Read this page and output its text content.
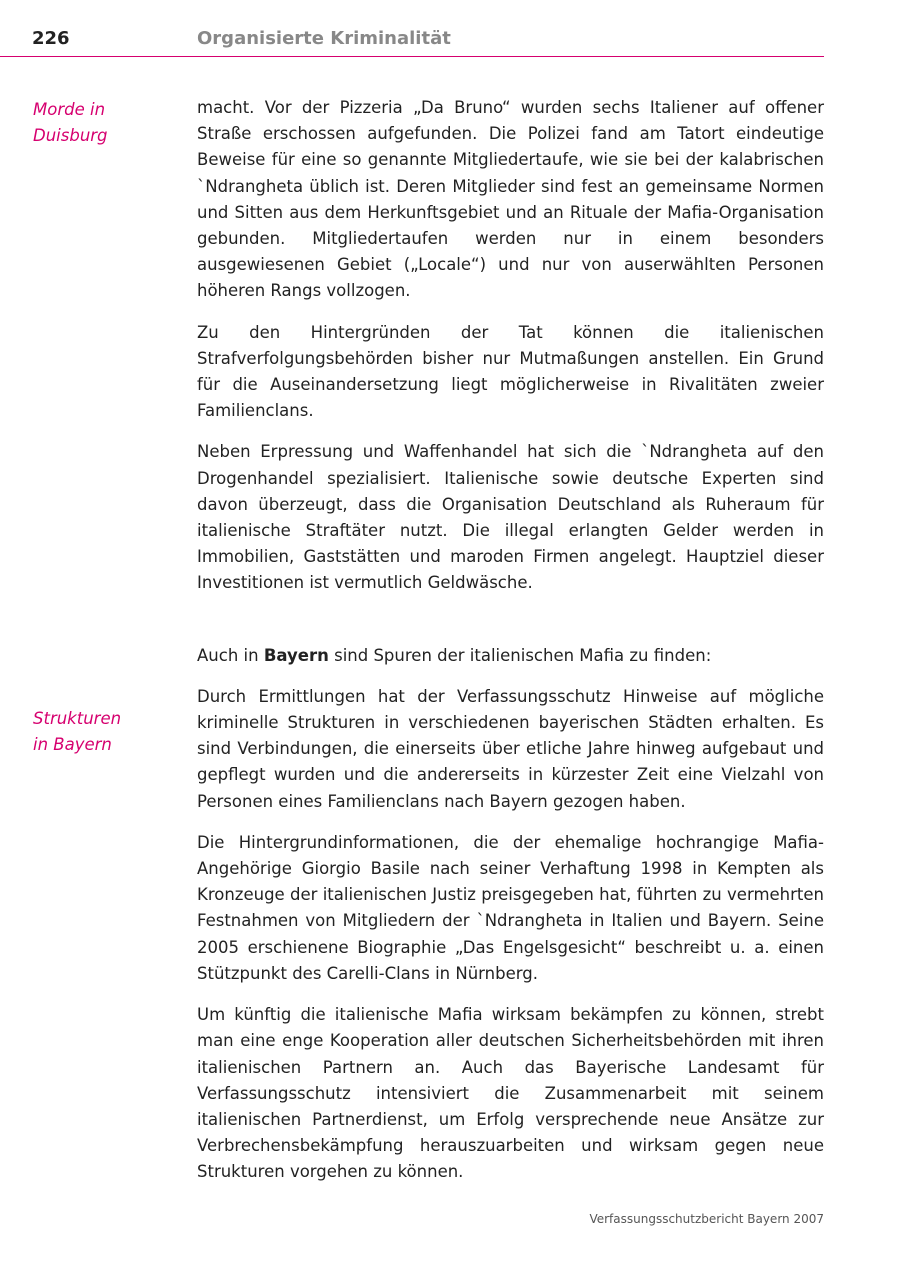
226	Organisierte Kriminalität
Morde in
Duisburg
Strukturen
in Bayern

macht. Vor der Pizzeria „Da Bruno“ wurden sechs Italiener auf offener Straße erschossen aufgefunden. Die Polizei fand am Tatort eindeutige Beweise für eine so genannte Mitgliedertaufe, wie sie bei der kalabrischen `Ndrangheta üblich ist. Deren Mitglieder sind fest an gemeinsame Normen und Sitten aus dem Herkunftsgebiet und an Rituale der Mafia-Organisation gebunden. Mitgliedertaufen werden nur in einem besonders ausgewiesenen Gebiet („Locale“) und nur von auserwählten Personen höheren Rangs vollzogen.

Zu den Hintergründen der Tat können die italienischen Strafverfolgungsbehörden bisher nur Mutmaßungen anstellen. Ein Grund für die Auseinandersetzung liegt möglicherweise in Rivalitäten zweier Familienclans.

Neben Erpressung und Waffenhandel hat sich die `Ndrangheta auf den Drogenhandel spezialisiert. Italienische sowie deutsche Experten sind davon überzeugt, dass die Organisation Deutschland als Ruheraum für italienische Straftäter nutzt. Die illegal erlangten Gelder werden in Immobilien, Gaststätten und maroden Firmen angelegt. Hauptziel dieser Investitionen ist vermutlich Geldwäsche.

Auch in Bayern sind Spuren der italienischen Mafia zu finden:

Durch Ermittlungen hat der Verfassungsschutz Hinweise auf mögliche kriminelle Strukturen in verschiedenen bayerischen Städten erhalten. Es sind Verbindungen, die einerseits über etliche Jahre hinweg aufgebaut und gepflegt wurden und die andererseits in kürzester Zeit eine Vielzahl von Personen eines Familienclans nach Bayern gezogen haben.

Die Hintergrundinformationen, die der ehemalige hochrangige Mafia-Angehörige Giorgio Basile nach seiner Verhaftung 1998 in Kempten als Kronzeuge der italienischen Justiz preisgegeben hat, führten zu vermehrten Festnahmen von Mitgliedern der `Ndrangheta in Italien und Bayern. Seine 2005 erschienene Biographie „Das Engelsgesicht“ beschreibt u. a. einen Stützpunkt des Carelli-Clans in Nürnberg.

Um künftig die italienische Mafia wirksam bekämpfen zu können, strebt man eine enge Kooperation aller deutschen Sicherheitsbehörden mit ihren italienischen Partnern an. Auch das Bayerische Landesamt für Verfassungsschutz intensiviert die Zusammenarbeit mit seinem italienischen Partnerdienst, um Erfolg versprechende neue Ansätze zur Verbrechensbekämpfung herauszuarbeiten und wirksam gegen neue Strukturen vorgehen zu können.

Verfassungsschutzbericht Bayern 2007
